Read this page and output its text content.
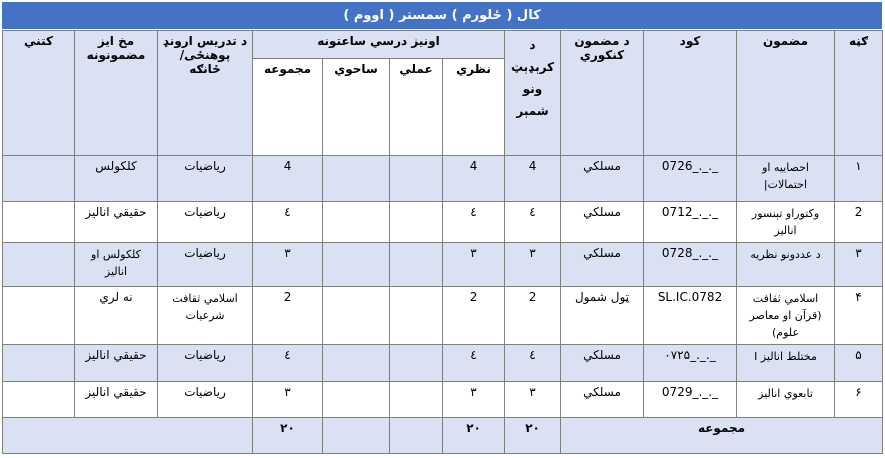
كال ( ځلورم ) سمستر ( اووم )
ګڼه	مضمون	كود	د مضمون كنكوري	د كرېډېټ ونو شمېر	اونيز درسي ساعتونه				د تدريس ارونډ پوهنځی/ ځانګه	مخ ايز مضمونونه	كتني
					نظري	عملي	ساحوي	مجموعه			
١	احصاييه او احتمالات|	0726_._._	مسلكي	4	4			4	رياضيات	كلكولس	
2	وكتوراو تېنسور انالیز	0712_._._	مسلكي	٤	٤			٤	رياضيات	حقيقي انالیز	
٣	د عددونو نظريه	0728_._._	مسلكي	٣	٣			٣	رياضيات	كلكولس او انالیز	
۴	اسلامي ثقافت (قرآن او معاصر علوم)	SL.IC.0782	ټول شمول	2	2			2	اسلامي ثقافت شرعيات	نه لري	
۵	مختلط انالیز I	۰۷۲۵_._._	مسلكي	٤	٤			٤	رياضيات	حقيقي انالیز	
۶	تابعوي انالیز	0729_._._	مسلكي	٣	٣			٣	رياضيات	حقيقي انالیز	
مجموعه				٢٠	٢٠			٢٠			
